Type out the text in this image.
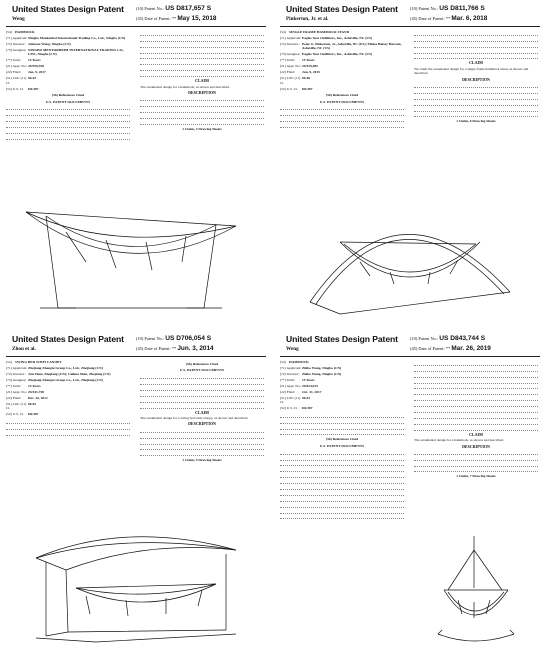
United States Design Patent
Weng
(10) Patent No.: US D817,657 S
(45) Date of Patent: ** May 15, 2018
(54) HAMMOCK
(71) Applicant: Ningbo Menkenhol International Trading Co., Ltd., Ningbo (CN)
(72) Inventor: Johnson Weng, Ningbo (CN)
(73) Assignee: NINGBO MENTORHEIM INTERNATIONAL TRADING CO., LTD., Ningbo (CN)
(**) Term:	15 Years
(21) Appl. No.: 29/590,358
(22) Filed:	Jan. 9, 2017
(51) LOC (11) Cl.
06-02
(52) U.S. Cl.	D6/387
(56) References Cited
U.S. PATENT DOCUMENTS
CLAIM
The ornamental design for a hammock, as shown and described.
DESCRIPTION
1 Claim, 3 Drawing Sheets
United States Design Patent
Pinkerton, Jr. et al.
(10) Patent No.: US D811,766 S
(45) Date of Patent: ** Mar. 6, 2018
(54) SINGLE FRAME HAMMOCK STAND
(71) Applicant: Eagles Nest Outfitters, Inc., Asheville, NC (US)
(72) Inventor: Peter G. Pinkerton, Jr., Asheville, NC (US); Elisha Halsey Hersom, Asheville, NC (US)
(73) Assignee: Eagles Nest Outfitters, Inc., Asheville, NC (US)
(**) Term:	15 Years
(21) Appl. No.: 29/529,585
(22) Filed:	Jun. 9, 2015
(51) LOC (11) Cl.
06-06
(52) U.S. Cl.	D6/387
(56) References Cited
U.S. PATENT DOCUMENTS
CLAIM
We claim the ornamental design for a single frame hammock stand, as shown and described.
DESCRIPTION
1 Claim, 6 Drawing Sheets
United States Design Patent
Zhou et al.
(10) Patent No.: US D706,054 S
(45) Date of Patent: ** Jun. 3, 2014
(54) SWING BED WITH CANOPY
(71) Applicant: Zhejiang Zhengte Group Co., Ltd., Zhejiang (CN)
(72) Inventor: Jun Zhou, Zhejiang (CN); Caihua Shen, Zhejiang (CN)
(73) Assignee: Zhejiang Zhengte Group Co., Ltd., Zhejiang (CN)
(**) Term:	14 Years
(21) Appl. No.: 29/441,758
(22) Filed:	Dec. 26, 2012
(51) LOC (11) Cl.
06-02
(52) U.S. Cl.	D6/387
(56) References Cited
U.S. PATENT DOCUMENTS
CLAIM
The ornamental design for a swing bed with canopy, as shown and described.
DESCRIPTION
1 Claim, 5 Drawing Sheets
United States Design Patent
Weng
(10) Patent No.: US D843,744 S
(45) Date of Patent: ** Mar. 26, 2019
(54) HAMMOCK
(71) Applicant: Zhibo Weng, Ningbo (CN)
(72) Inventor: Zhibo Weng, Ningbo (CN)
(**) Term:	15 Years
(21) Appl. No.: 29/624,615
(22) Filed:	Oct. 31, 2017
(51) LOC (11) Cl.
06-01
(52) U.S. Cl.	D6/387
(56) References Cited
U.S. PATENT DOCUMENTS
CLAIM
The ornamental design for a hammock, as shown and described.
DESCRIPTION
1 Claim, 7 Drawing Sheets
